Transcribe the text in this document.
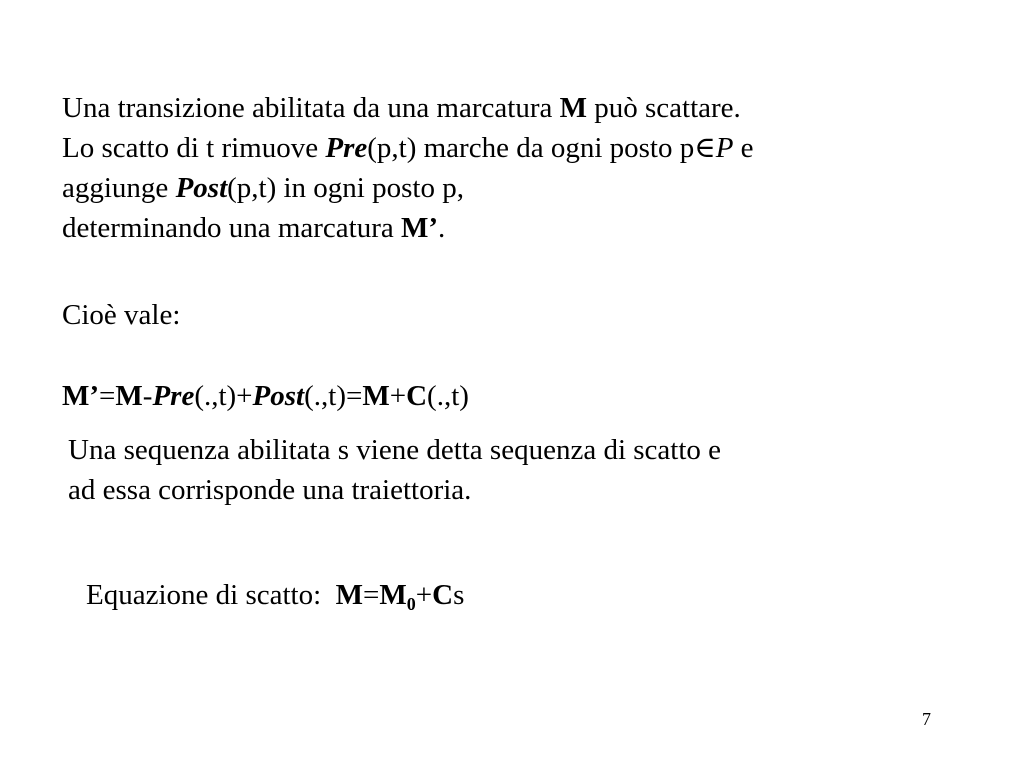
Una transizione abilitata da una marcatura M può scattare.
Lo scatto di t rimuove Pre(p,t) marche da ogni posto p∈P e
aggiunge Post(p,t) in ogni posto p,
determinando una marcatura M’.
Cioè vale:
M’=M-Pre(.,t)+Post(.,t)=M+C(.,t)
Una sequenza abilitata s viene detta sequenza di scatto e
ad essa corrisponde una traiettoria.
Equazione di scatto:  $M=M_0+Cs$
7
